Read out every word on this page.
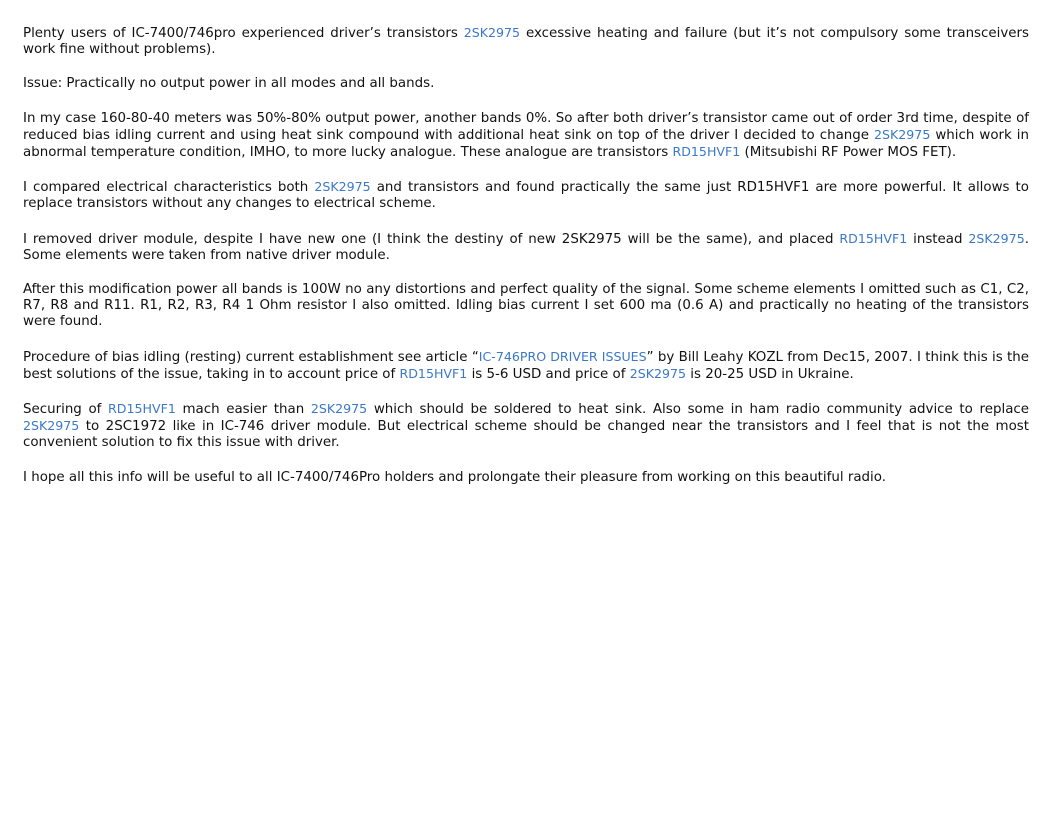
Plenty users of IC-7400/746pro experienced driver’s transistors 2SK2975 excessive heating and failure (but it’s not compulsory some transceivers work fine without problems).

Issue: Practically no output power in all modes and all bands.

In my case 160-80-40 meters was 50%-80% output power, another bands 0%. So after both driver’s transistor came out of order 3rd time, despite of reduced bias idling current and using heat sink compound with additional heat sink on top of the driver I decided to change 2SK2975 which work in abnormal temperature condition, IMHO, to more lucky analogue. These analogue are transistors RD15HVF1 (Mitsubishi RF Power MOS FET).

I compared electrical characteristics both 2SK2975 and transistors and found practically the same just RD15HVF1 are more powerful. It allows to replace transistors without any changes to electrical scheme.

I removed driver module, despite I have new one (I think the destiny of new 2SK2975 will be the same), and placed RD15HVF1 instead 2SK2975. Some elements were taken from native driver module.

After this modification power all bands is 100W no any distortions and perfect quality of the signal. Some scheme elements I omitted such as C1, C2, R7, R8 and R11. R1, R2, R3, R4 1 Ohm resistor I also omitted. Idling bias current I set 600 ma (0.6 A) and practically no heating of the transistors were found.

Procedure of bias idling (resting) current establishment see article “IC-746PRO DRIVER ISSUES” by Bill Leahy KOZL from Dec15, 2007. I think this is the best solutions of the issue, taking in to account price of RD15HVF1 is 5-6 USD and price of 2SK2975 is 20-25 USD in Ukraine.

Securing of RD15HVF1 mach easier than 2SK2975 which should be soldered to heat sink. Also some in ham radio community advice to replace 2SK2975 to 2SC1972 like in IC-746 driver module. But electrical scheme should be changed near the transistors and I feel that is not the most convenient solution to fix this issue with driver.

I hope all this info will be useful to all IC-7400/746Pro holders and prolongate their pleasure from working on this beautiful radio.
